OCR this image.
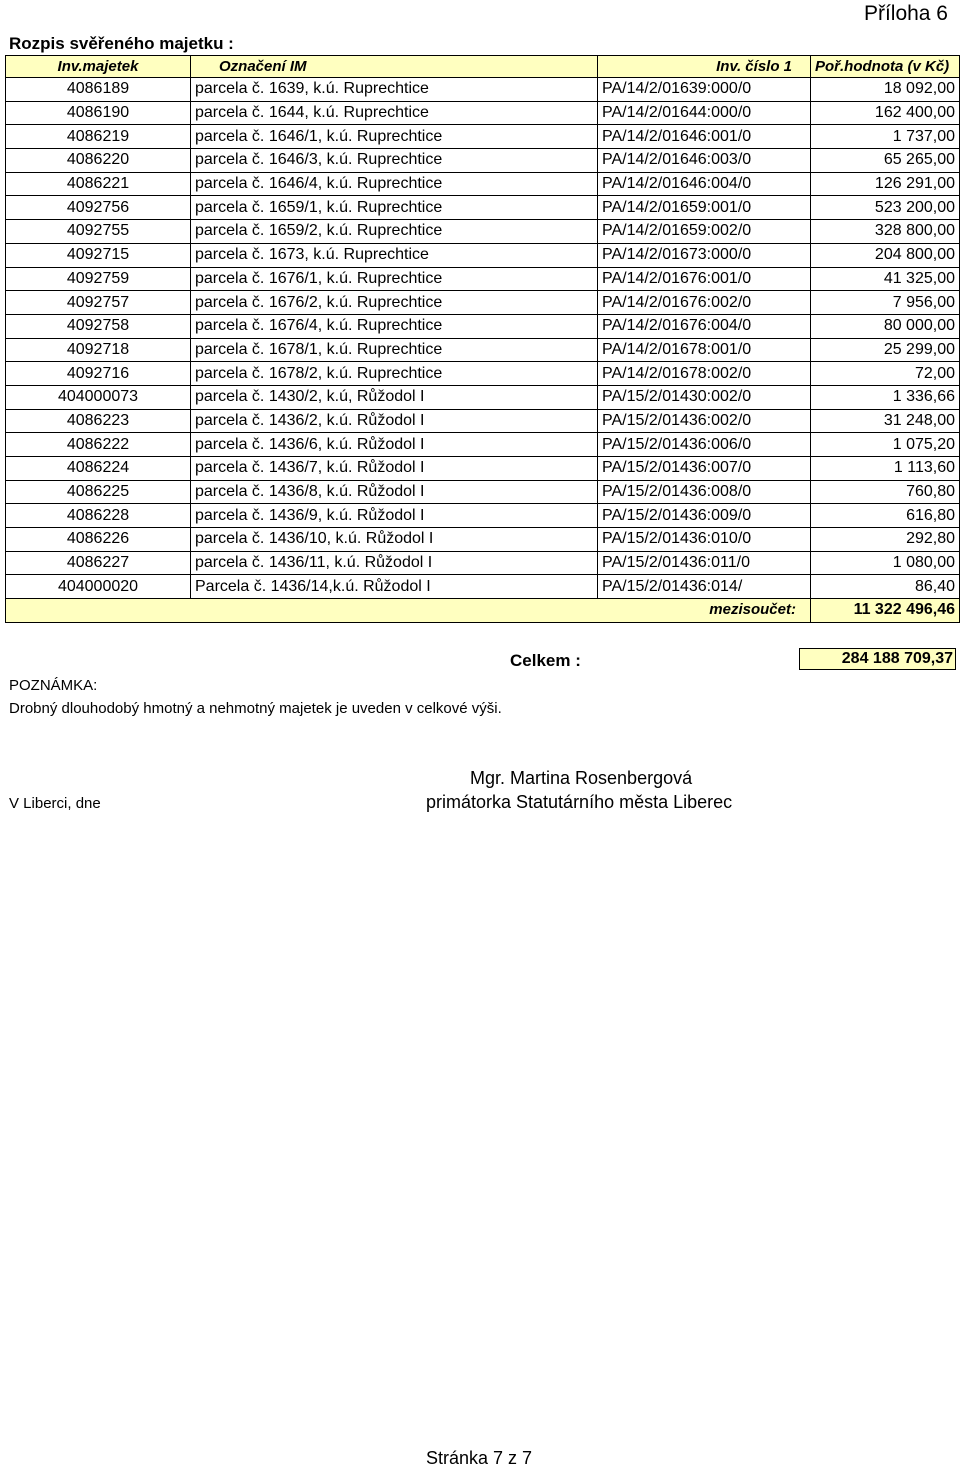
Příloha 6
Rozpis svěřeného majetku :
Inv.majetek	Označení IM	Inv. číslo 1	Poř.hodnota (v Kč)
4086189	parcela č. 1639, k.ú. Ruprechtice	PA/14/2/01639:000/0	18 092,00
4086190	parcela č. 1644, k.ú. Ruprechtice	PA/14/2/01644:000/0	162 400,00
4086219	parcela č. 1646/1, k.ú. Ruprechtice	PA/14/2/01646:001/0	1 737,00
4086220	parcela č. 1646/3, k.ú. Ruprechtice	PA/14/2/01646:003/0	65 265,00
4086221	parcela č. 1646/4, k.ú. Ruprechtice	PA/14/2/01646:004/0	126 291,00
4092756	parcela č. 1659/1, k.ú. Ruprechtice	PA/14/2/01659:001/0	523 200,00
4092755	parcela č. 1659/2, k.ú. Ruprechtice	PA/14/2/01659:002/0	328 800,00
4092715	parcela č. 1673, k.ú. Ruprechtice	PA/14/2/01673:000/0	204 800,00
4092759	parcela č. 1676/1, k.ú. Ruprechtice	PA/14/2/01676:001/0	41 325,00
4092757	parcela č. 1676/2, k.ú. Ruprechtice	PA/14/2/01676:002/0	7 956,00
4092758	parcela č. 1676/4, k.ú. Ruprechtice	PA/14/2/01676:004/0	80 000,00
4092718	parcela č. 1678/1, k.ú. Ruprechtice	PA/14/2/01678:001/0	25 299,00
4092716	parcela č. 1678/2, k.ú. Ruprechtice	PA/14/2/01678:002/0	72,00
404000073	parcela č. 1430/2, k.ú, Růžodol I	PA/15/2/01430:002/0	1 336,66
4086223	parcela č. 1436/2, k.ú. Růžodol I	PA/15/2/01436:002/0	31 248,00
4086222	parcela č. 1436/6, k.ú. Růžodol I	PA/15/2/01436:006/0	1 075,20
4086224	parcela č. 1436/7, k.ú. Růžodol I	PA/15/2/01436:007/0	1 113,60
4086225	parcela č. 1436/8, k.ú. Růžodol I	PA/15/2/01436:008/0	760,80
4086228	parcela č. 1436/9, k.ú. Růžodol I	PA/15/2/01436:009/0	616,80
4086226	parcela č. 1436/10, k.ú. Růžodol I	PA/15/2/01436:010/0	292,80
4086227	parcela č. 1436/11, k.ú. Růžodol I	PA/15/2/01436:011/0	1 080,00
404000020	Parcela č. 1436/14,k.ú. Růžodol I	PA/15/2/01436:014/	86,40
mezisoučet:			11 322 496,46
Celkem :	284 188 709,37
POZNÁMKA:
Drobný dlouhodobý hmotný a nehmotný majetek je uveden v celkové výši.
V Liberci, dne
Mgr. Martina Rosenbergová
primátorka Statutárního města Liberec
Stránka 7 z 7
